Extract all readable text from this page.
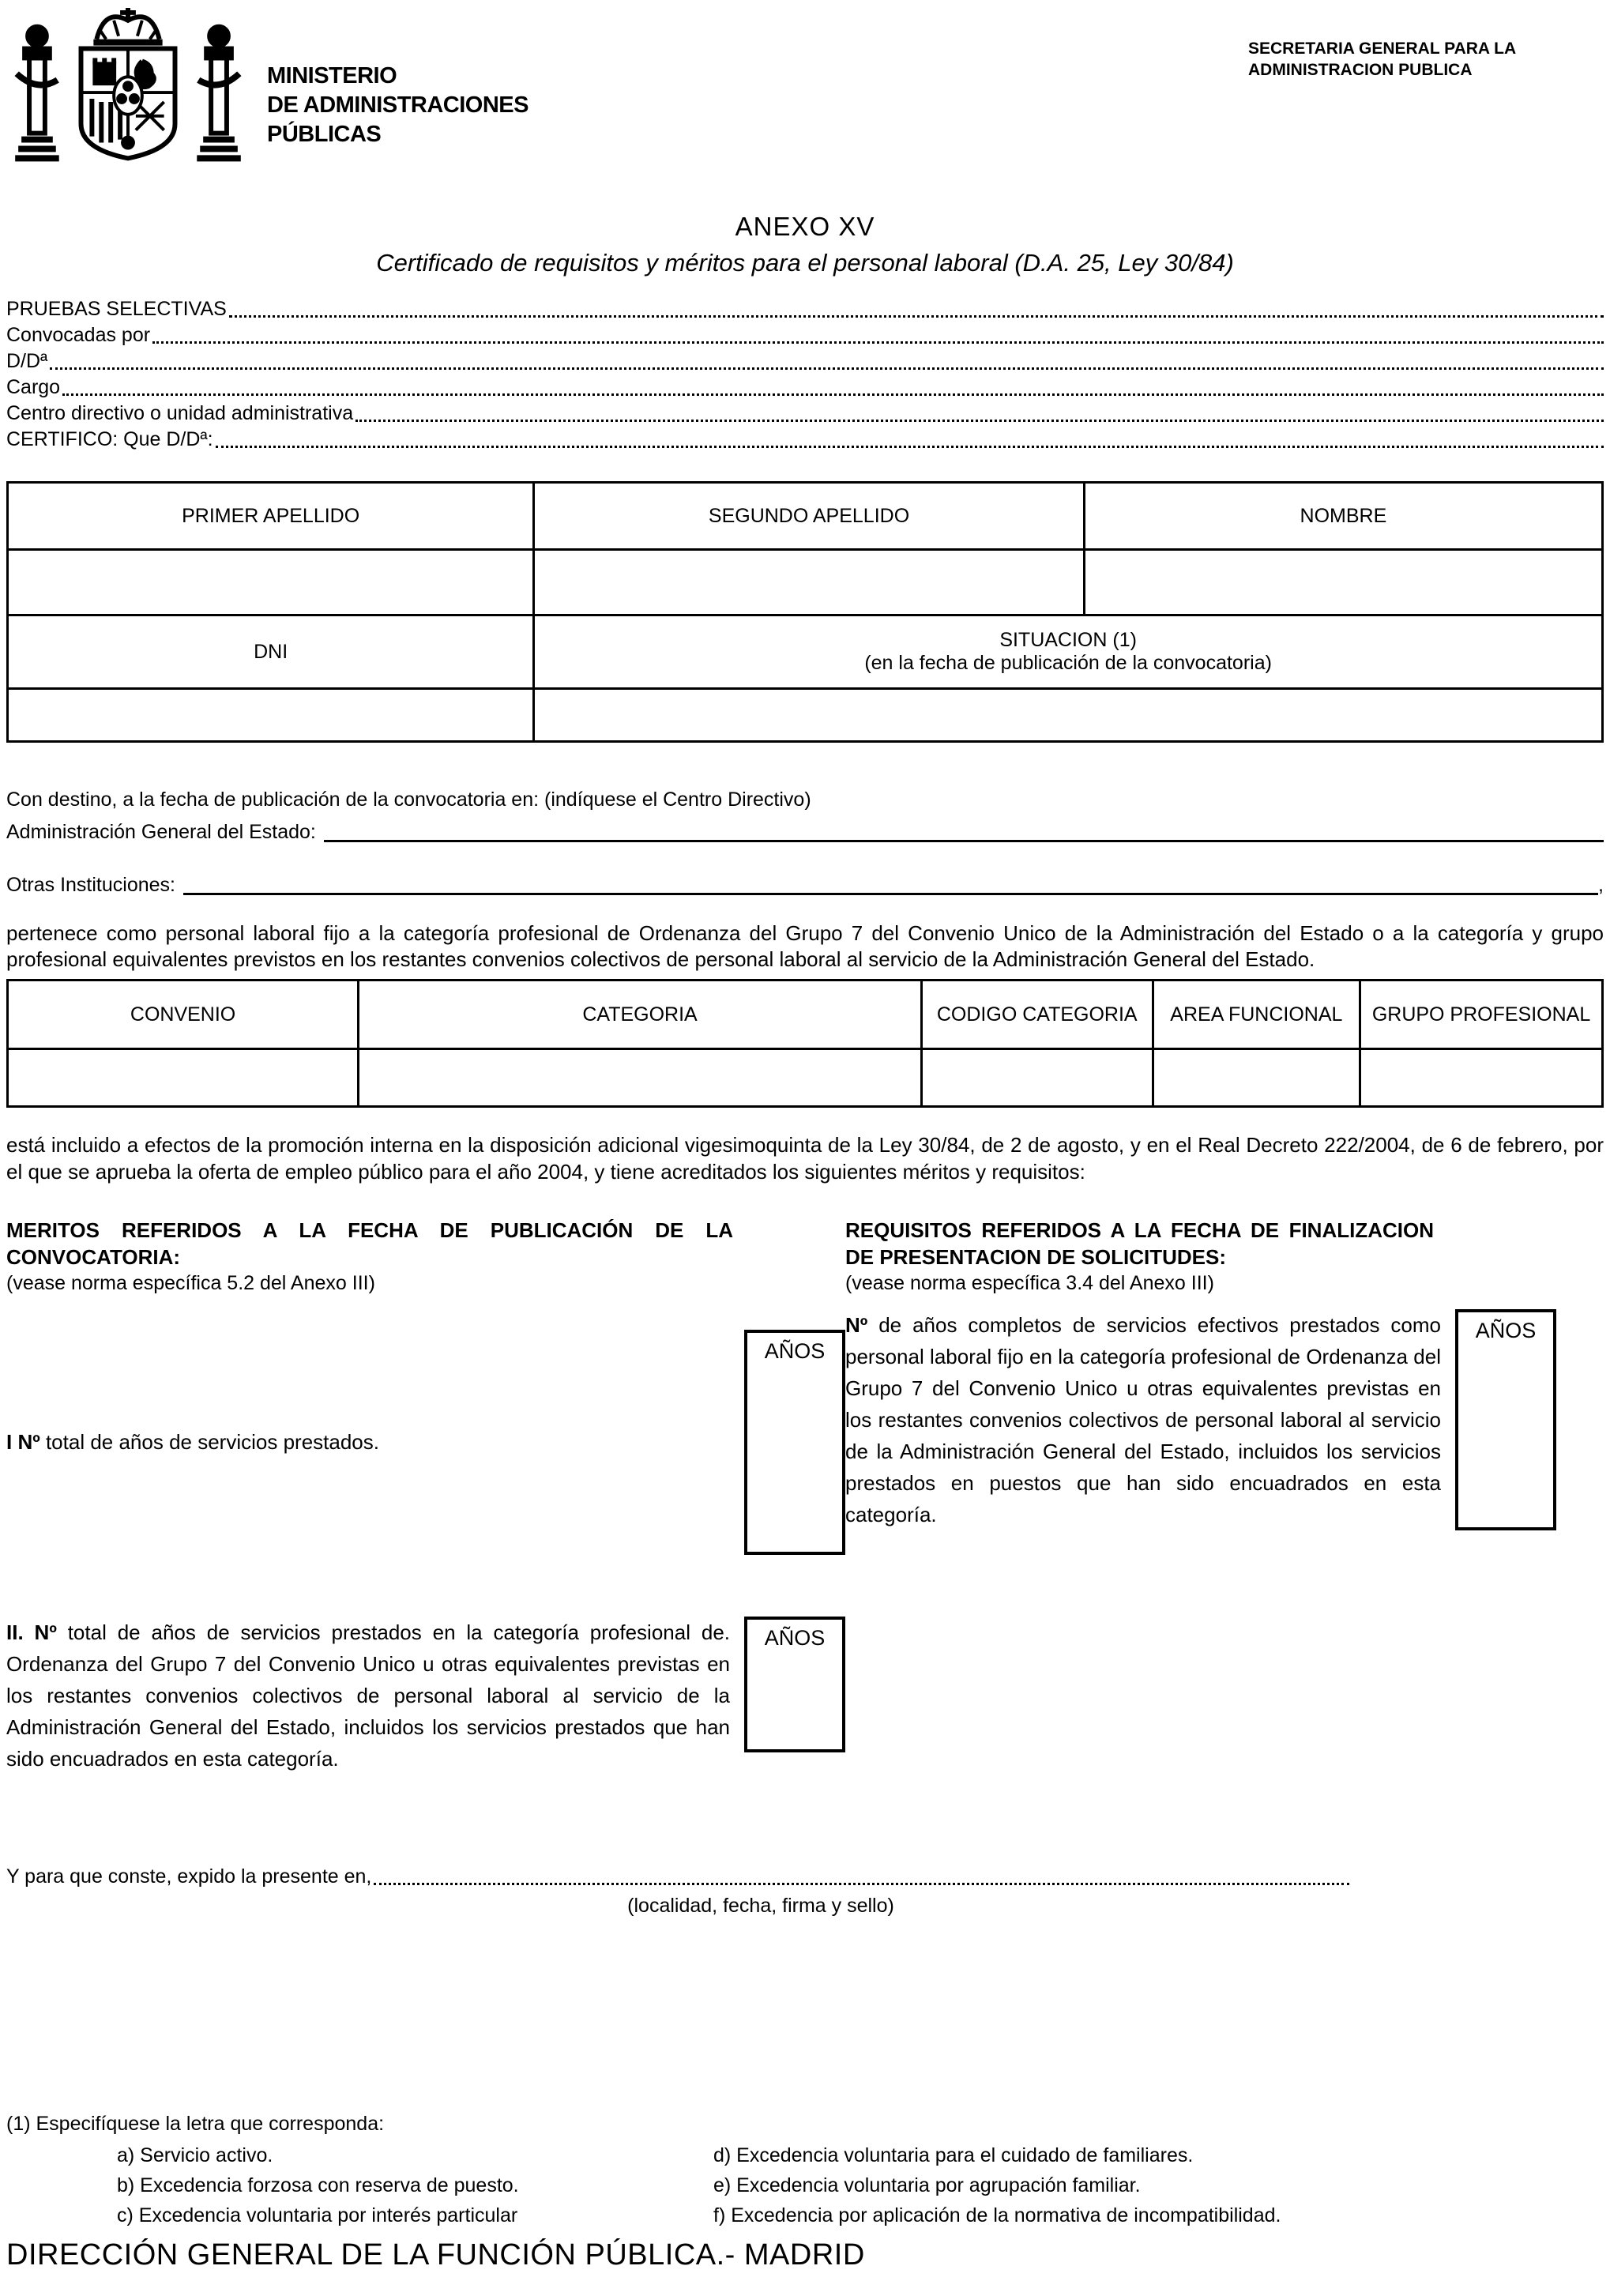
MINISTERIO
DE ADMINISTRACIONES
PÚBLICAS
SECRETARIA GENERAL PARA LA
ADMINISTRACION PUBLICA
ANEXO XV
Certificado de requisitos y méritos para el personal laboral (D.A. 25, Ley 30/84)
PRUEBAS SELECTIVAS
Convocadas por
D/Dª
Cargo
Centro directivo o unidad administrativa
CERTIFICO: Que D/Dª:
PRIMER APELLIDO	SEGUNDO APELLIDO	NOMBRE

DNI	SITUACION (1)
(en la fecha de publicación de la convocatoria)	

Con destino, a la fecha de publicación de la convocatoria en: (indíquese el Centro Directivo)
Administración General del Estado:
Otras Instituciones:	,
pertenece como personal laboral fijo a la categoría profesional de Ordenanza del Grupo 7 del Convenio Unico de la Administración del Estado o a la categoría y grupo profesional equivalentes previstos en los restantes convenios colectivos de personal laboral al servicio de la Administración General del Estado.
CONVENIO	CATEGORIA	CODIGO CATEGORIA	AREA FUNCIONAL	GRUPO PROFESIONAL

está incluido a efectos de la promoción interna en la disposición adicional vigesimoquinta de la Ley 30/84, de 2 de agosto, y en el Real Decreto 222/2004, de 6 de febrero, por el que se aprueba la oferta de empleo público para el año 2004, y tiene acreditados los siguientes méritos y requisitos:
MERITOS REFERIDOS A LA FECHA DE PUBLICACIÓN DE LA CONVOCATORIA:
(vease norma específica 5.2 del Anexo III)
I Nº total de años de servicios prestados.
AÑOS
II. Nº total de años de servicios prestados en la categoría profesional de. Ordenanza del Grupo 7 del Convenio Unico u otras equivalentes previstas en los restantes convenios colectivos de personal laboral al servicio de la Administración General del Estado, incluidos los servicios prestados que han sido encuadrados en esta categoría.
AÑOS
REQUISITOS REFERIDOS A LA FECHA DE FINALIZACION DE PRESENTACION DE SOLICITUDES:
(vease norma específica 3.4 del Anexo III)
Nº de años completos de servicios efectivos prestados como personal laboral fijo en la categoría profesional de Ordenanza del Grupo 7 del Convenio Unico u otras equivalentes previstas en los restantes convenios colectivos de personal laboral al servicio de la Administración General del Estado, incluidos los servicios prestados en puestos que han sido encuadrados en esta categoría.
AÑOS
Y para que conste, expido la presente en,
(localidad, fecha, firma y sello)
(1) Especifíquese la letra que corresponda:
a) Servicio activo.
b) Excedencia forzosa con reserva de puesto.
c) Excedencia voluntaria por interés particular
d) Excedencia voluntaria para el cuidado de familiares.
e) Excedencia voluntaria por agrupación familiar.
f) Excedencia por aplicación de la normativa de incompatibilidad.
DIRECCIÓN GENERAL DE LA FUNCIÓN PÚBLICA.- MADRID
